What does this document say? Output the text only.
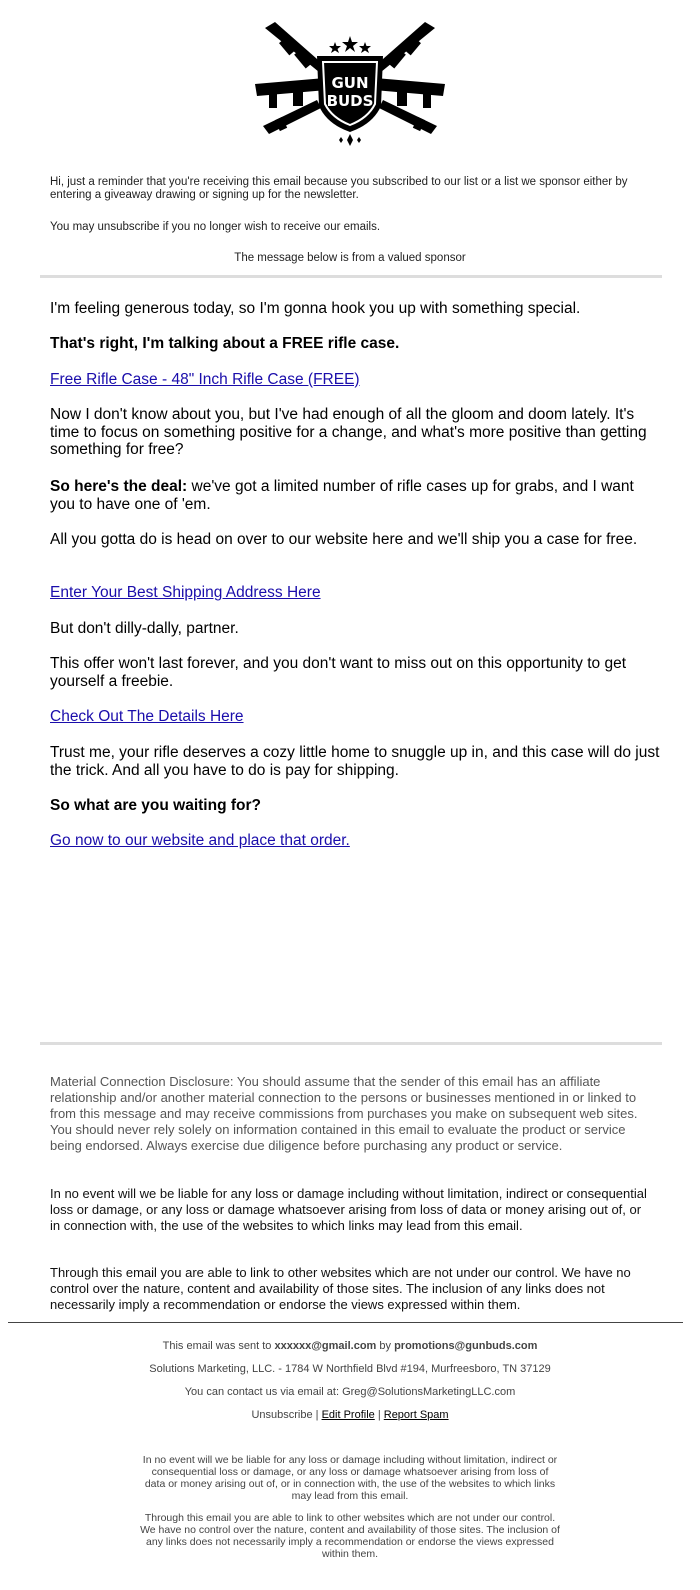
GUN
BUDS
Hi, just a reminder that you're receiving this email because you subscribed to our list or a list we sponsor either by entering a giveaway drawing or signing up for the newsletter.
You may unsubscribe if you no longer wish to receive our emails.
The message below is from a valued sponsor

I'm feeling generous today, so I'm gonna hook you up with something special.

That's right, I'm talking about a FREE rifle case.

Free Rifle Case - 48" Inch Rifle Case (FREE)

Now I don't know about you, but I've had enough of all the gloom and doom lately. It's time to focus on something positive for a change, and what's more positive than getting something for free?

So here's the deal: we've got a limited number of rifle cases up for grabs, and I want you to have one of 'em.

All you gotta do is head on over to our website here and we'll ship you a case for free.

Enter Your Best Shipping Address Here

But don't dilly-dally, partner.

This offer won't last forever, and you don't want to miss out on this opportunity to get yourself a freebie.

Check Out The Details Here

Trust me, your rifle deserves a cozy little home to snuggle up in, and this case will do just the trick. And all you have to do is pay for shipping.

So what are you waiting for?

Go now to our website and place that order.

Material Connection Disclosure: You should assume that the sender of this email has an affiliate relationship and/or another material connection to the persons or businesses mentioned in or linked to from this message and may receive commissions from purchases you make on subsequent web sites. You should never rely solely on information contained in this email to evaluate the product or service being endorsed. Always exercise due diligence before purchasing any product or service.

In no event will we be liable for any loss or damage including without limitation, indirect or consequential loss or damage, or any loss or damage whatsoever arising from loss of data or money arising out of, or in connection with, the use of the websites to which links may lead from this email.

Through this email you are able to link to other websites which are not under our control. We have no control over the nature, content and availability of those sites. The inclusion of any links does not necessarily imply a recommendation or endorse the views expressed within them.

This email was sent to xxxxxx@gmail.com by promotions@gunbuds.com
Solutions Marketing, LLC. - 1784 W Northfield Blvd #194, Murfreesboro, TN 37129
You can contact us via email at: Greg@SolutionsMarketingLLC.com
Unsubscribe | Edit Profile | Report Spam
In no event will we be liable for any loss or damage including without limitation, indirect or consequential loss or damage, or any loss or damage whatsoever arising from loss of data or money arising out of, or in connection with, the use of the websites to which links may lead from this email.
Through this email you are able to link to other websites which are not under our control. We have no control over the nature, content and availability of those sites. The inclusion of any links does not necessarily imply a recommendation or endorse the views expressed within them.
